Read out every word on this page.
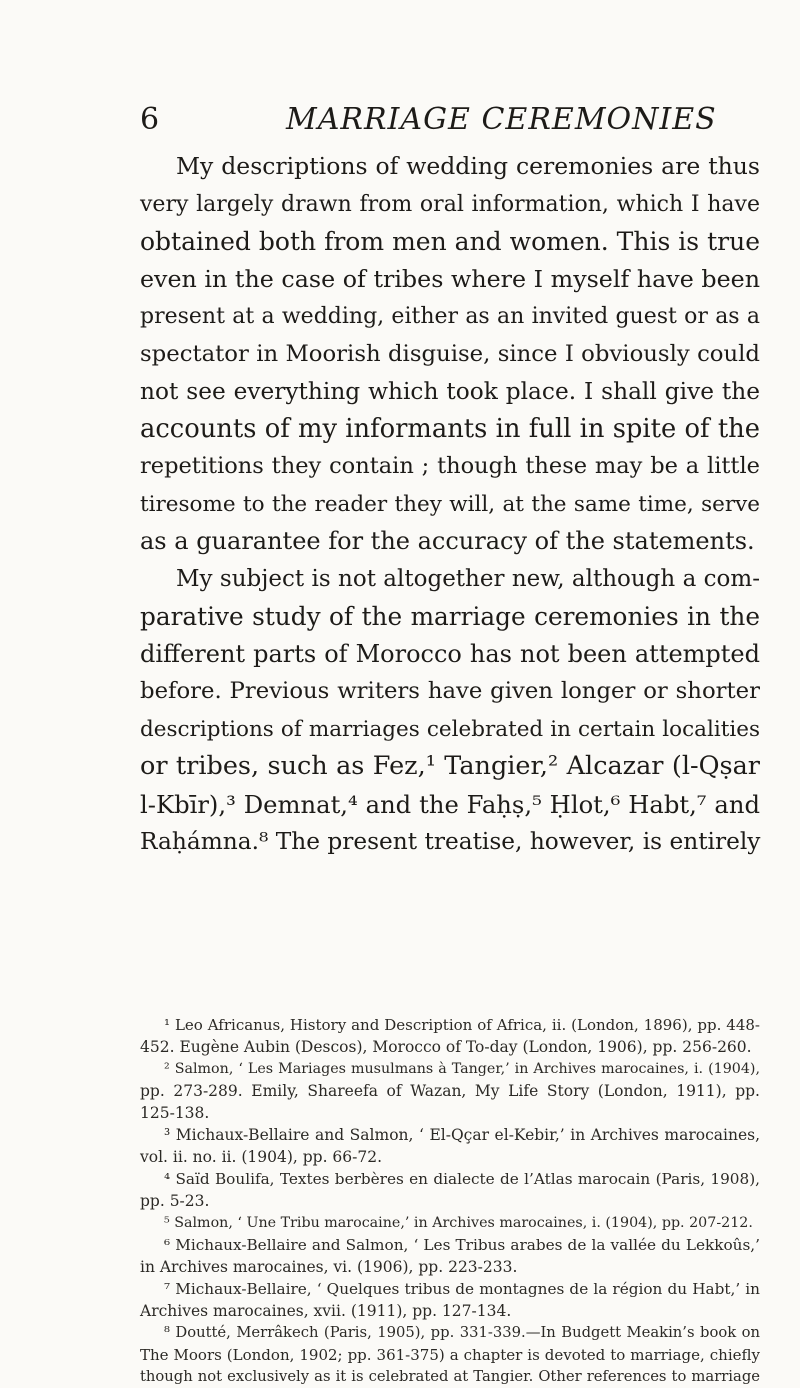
6	MARRIAGE CEREMONIES
My descriptions of wedding ceremonies are thus
very largely drawn from oral information, which I have
obtained both from men and women. This is true
even in the case of tribes where I myself have been
present at a wedding, either as an invited guest or as a
spectator in Moorish disguise, since I obviously could
not see everything which took place. I shall give the
accounts of my informants in full in spite of the
repetitions they contain ; though these may be a little
tiresome to the reader they will, at the same time, serve
as a guarantee for the accuracy of the statements.
My subject is not altogether new, although a com-
parative study of the marriage ceremonies in the
different parts of Morocco has not been attempted
before. Previous writers have given longer or shorter
descriptions of marriages celebrated in certain localities
or tribes, such as Fez,¹ Tangier,² Alcazar (l-Qṣar
l-Kbīr),³ Demnat,⁴ and the Faḥṣ,⁵ Ḥlot,⁶ Habt,⁷ and
Raḥámna.⁸ The present treatise, however, is entirely
¹ Leo Africanus, History and Description of Africa, ii. (London, 1896), pp. 448-
452. Eugène Aubin (Descos), Morocco of To-day (London, 1906), pp. 256-260.
² Salmon, ‘ Les Mariages musulmans à Tanger,’ in Archives marocaines, i. (1904),
pp. 273-289. Emily, Shareefa of Wazan, My Life Story (London, 1911), pp.
125-138.
³ Michaux-Bellaire and Salmon, ‘ El-Qçar el-Kebir,’ in Archives marocaines,
vol. ii. no. ii. (1904), pp. 66-72.
⁴ Saïd Boulifa, Textes berbères en dialecte de l’Atlas marocain (Paris, 1908),
pp. 5-23.
⁵ Salmon, ‘ Une Tribu marocaine,’ in Archives marocaines, i. (1904), pp. 207-212.
⁶ Michaux-Bellaire and Salmon, ‘ Les Tribus arabes de la vallée du Lekkoûs,’
in Archives marocaines, vi. (1906), pp. 223-233.
⁷ Michaux-Bellaire, ‘ Quelques tribus de montagnes de la région du Habt,’ in
Archives marocaines, xvii. (1911), pp. 127-134.
⁸ Doutté, Merrâkech (Paris, 1905), pp. 331-339.—In Budgett Meakin’s book on
The Moors (London, 1902; pp. 361-375) a chapter is devoted to marriage, chiefly
though not exclusively as it is celebrated at Tangier. Other references to marriage
